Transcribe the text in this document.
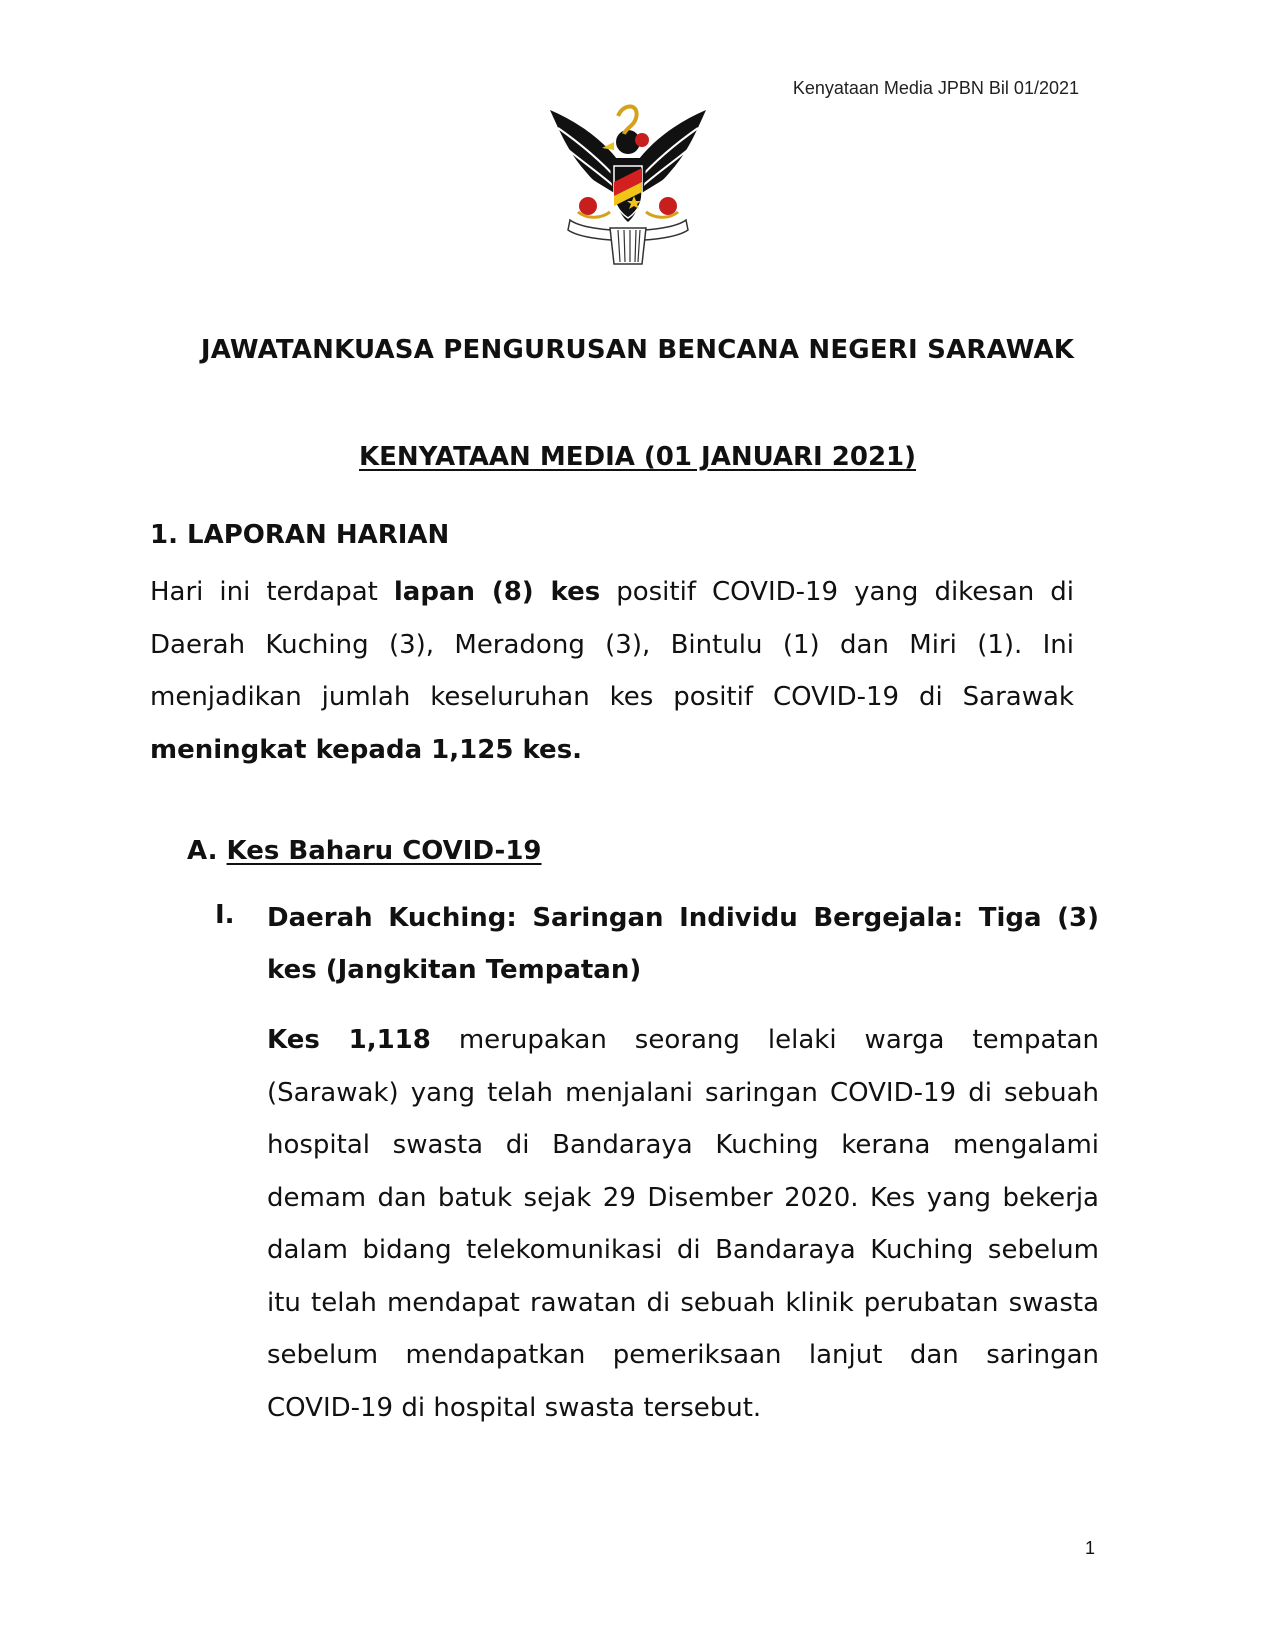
Kenyataan Media JPBN Bil 01/2021
JAWATANKUASA PENGURUSAN BENCANA NEGERI SARAWAK
KENYATAAN MEDIA (01 JANUARI 2021)
1. LAPORAN HARIAN
Hari ini terdapat lapan (8) kes positif COVID-19 yang dikesan di Daerah Kuching (3), Meradong (3), Bintulu (1) dan Miri (1). Ini menjadikan jumlah keseluruhan kes positif COVID-19 di Sarawak meningkat kepada 1,125 kes.
A. Kes Baharu COVID-19
I. Daerah Kuching: Saringan Individu Bergejala: Tiga (3) kes (Jangkitan Tempatan)
Kes 1,118 merupakan seorang lelaki warga tempatan (Sarawak) yang telah menjalani saringan COVID-19 di sebuah hospital swasta di Bandaraya Kuching kerana mengalami demam dan batuk sejak 29 Disember 2020. Kes yang bekerja dalam bidang telekomunikasi di Bandaraya Kuching sebelum itu telah mendapat rawatan di sebuah klinik perubatan swasta sebelum mendapatkan pemeriksaan lanjut dan saringan COVID-19 di hospital swasta tersebut.
1
